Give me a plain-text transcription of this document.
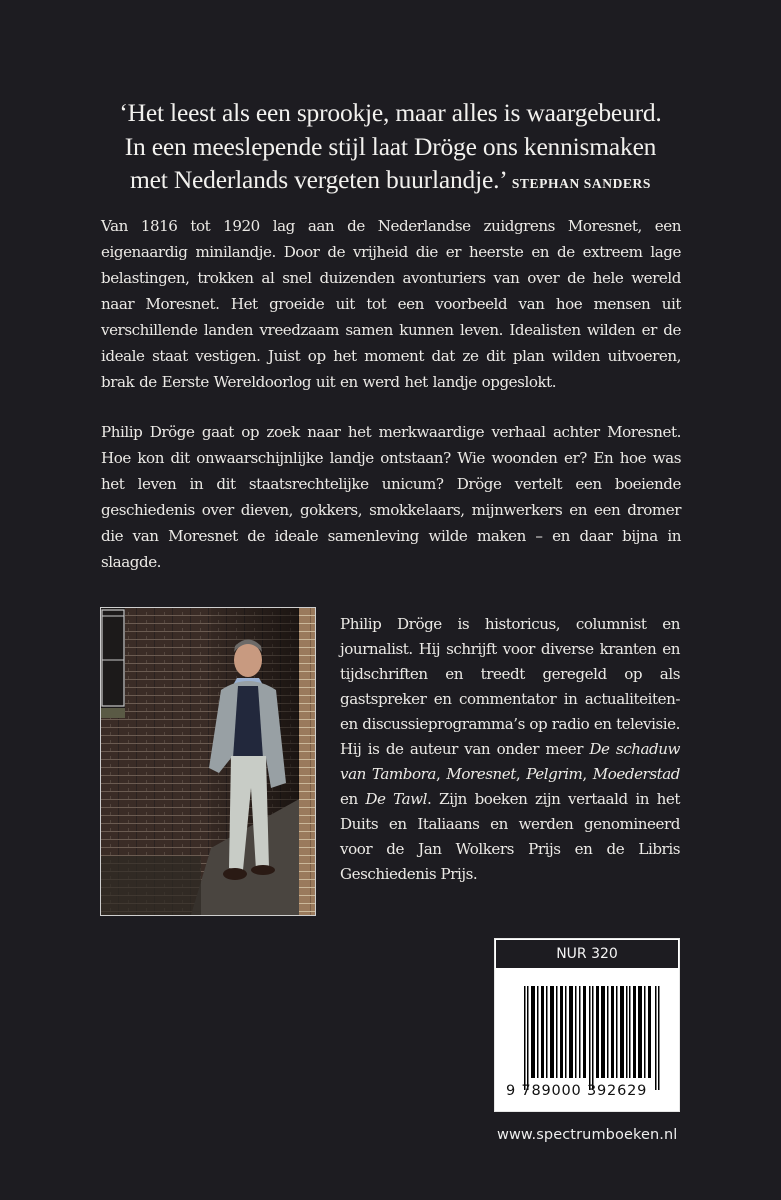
‘Het leest als een sprookje, maar alles is waargebeurd.
In een meeslepende stijl laat Dröge ons kennismaken
met Nederlands vergeten buurlandje.’ STEPHAN SANDERS

Van 1816 tot 1920 lag aan de Nederlandse zuidgrens Moresnet, een eigenaardig minilandje. Door de vrijheid die er heerste en de extreem lage belastingen, trokken al snel duizenden avonturiers van over de hele wereld naar Moresnet. Het groeide uit tot een voorbeeld van hoe mensen uit verschillende landen vreedzaam samen kunnen leven. Idealisten wilden er de ideale staat vestigen. Juist op het moment dat ze dit plan wilden uitvoeren, brak de Eerste Wereldoorlog uit en werd het landje opgeslokt.

Philip Dröge gaat op zoek naar het merkwaardige verhaal achter Moresnet. Hoe kon dit onwaarschijnlijke landje ontstaan? Wie woonden er? En hoe was het leven in dit staatsrechtelijke unicum? Dröge vertelt een boeiende geschiedenis over dieven, gokkers, smokkelaars, mijnwerkers en een dromer die van Moresnet de ideale samenleving wilde maken – en daar bijna in slaagde.

Philip Dröge is historicus, columnist en journalist. Hij schrijft voor diverse kranten en tijdschriften en treedt geregeld op als gastspreker en commentator in actualiteiten- en discussieprogramma’s op radio en televisie. Hij is de auteur van onder meer De schaduw van Tambora, Moresnet, Pelgrim, Moederstad en De Tawl. Zijn boeken zijn vertaald in het Duits en Italiaans en werden genomineerd voor de Jan Wolkers Prijs en de Libris Geschiedenis Prijs.

NUR 320
9 789000 392629
www.spectrumboeken.nl
